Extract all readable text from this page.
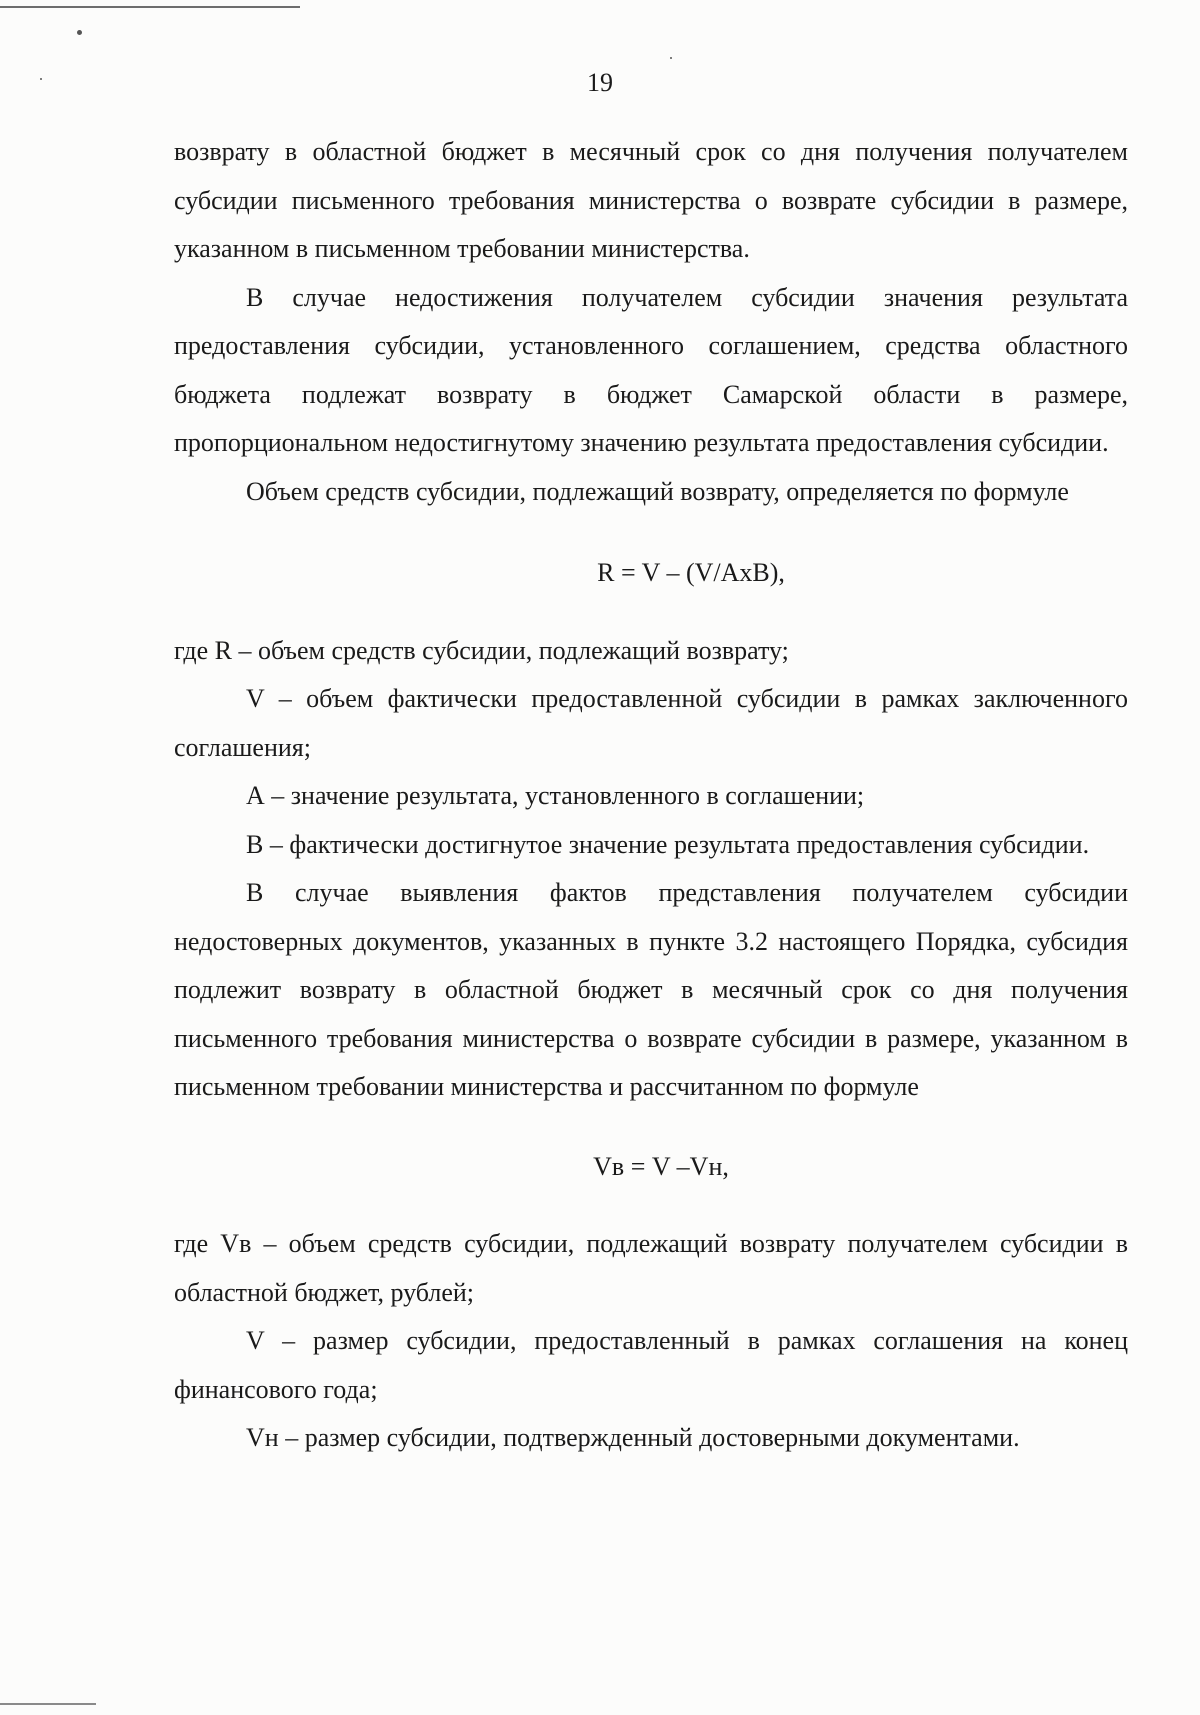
19

возврату в областной бюджет в месячный срок со дня получения получателем субсидии письменного требования министерства о возврате субсидии в размере, указанном в письменном требовании министерства.

В случае недостижения получателем субсидии значения результата предоставления субсидии, установленного соглашением, средства областного бюджета подлежат возврату в бюджет Самарской области в размере, пропорциональном недостигнутому значению результата предоставления субсидии.

Объем средств субсидии, подлежащий возврату, определяется по формуле

R = V – (V/AxB),

где R – объем средств субсидии, подлежащий возврату;

V – объем фактически предоставленной субсидии в рамках заключенного соглашения;

А – значение результата, установленного в соглашении;

В – фактически достигнутое значение результата предоставления субсидии.

В случае выявления фактов представления получателем субсидии недостоверных документов, указанных в пункте 3.2 настоящего Порядка, субсидия подлежит возврату в областной бюджет в месячный срок со дня получения письменного требования министерства о возврате субсидии в размере, указанном в письменном требовании министерства и рассчитанном по формуле

Vв = V –Vн,

где Vв – объем средств субсидии, подлежащий возврату получателем субсидии в областной бюджет, рублей;

V – размер субсидии, предоставленный в рамках соглашения на конец финансового года;

Vн – размер субсидии, подтвержденный достоверными документами.
